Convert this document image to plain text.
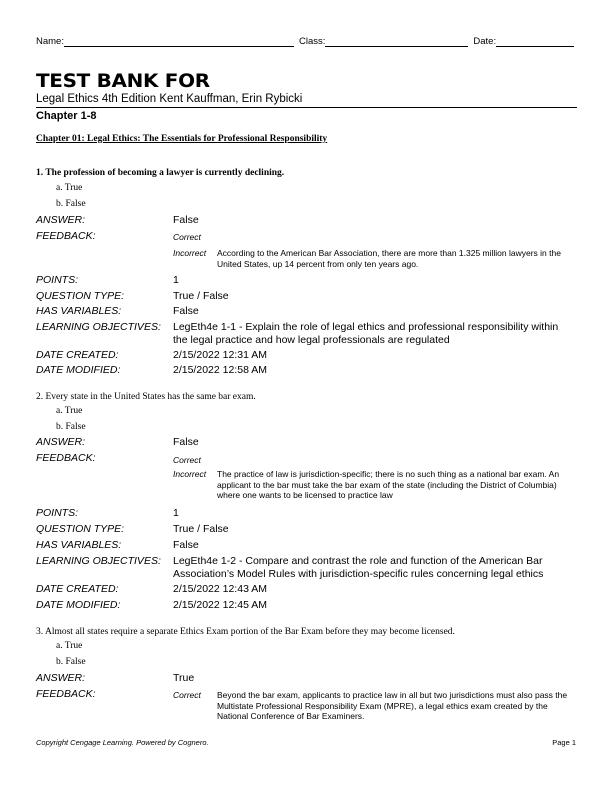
Name:	Class:	Date:
TEST BANK FOR
Legal Ethics 4th Edition Kent Kauffman, Erin Rybicki
Chapter 1-8
Chapter 01: Legal Ethics: The Essentials for Professional Responsibility
1. The profession of becoming a lawyer is currently declining.
a. True
b. False
ANSWER:	False
FEEDBACK:	Correct
Incorrect According to the American Bar Association, there are more than 1.325 million lawyers in the United States, up 14 percent from only ten years ago.
POINTS:	1
QUESTION TYPE:	True / False
HAS VARIABLES:	False
LEARNING OBJECTIVES: LegEth4e 1-1 - Explain the role of legal ethics and professional responsibility within the legal practice and how legal professionals are regulated
DATE CREATED:	2/15/2022 12:31 AM
DATE MODIFIED:	2/15/2022 12:58 AM
2. Every state in the United States has the same bar exam.
a. True
b. False
ANSWER:	False
FEEDBACK:	Correct
Incorrect The practice of law is jurisdiction-specific; there is no such thing as a national bar exam. An applicant to the bar must take the bar exam of the state (including the District of Columbia) where one wants to be licensed to practice law
POINTS:	1
QUESTION TYPE:	True / False
HAS VARIABLES:	False
LEARNING OBJECTIVES: LegEth4e 1-2 - Compare and contrast the role and function of the American Bar Association’s Model Rules with jurisdiction-specific rules concerning legal ethics
DATE CREATED:	2/15/2022 12:43 AM
DATE MODIFIED:	2/15/2022 12:45 AM
3. Almost all states require a separate Ethics Exam portion of the Bar Exam before they may become licensed.
a. True
b. False
ANSWER:	True
FEEDBACK:	Correct Beyond the bar exam, applicants to practice law in all but two jurisdictions must also pass the Multistate Professional Responsibility Exam (MPRE), a legal ethics exam created by the National Conference of Bar Examiners.
Copyright Cengage Learning. Powered by Cognero.	Page 1
